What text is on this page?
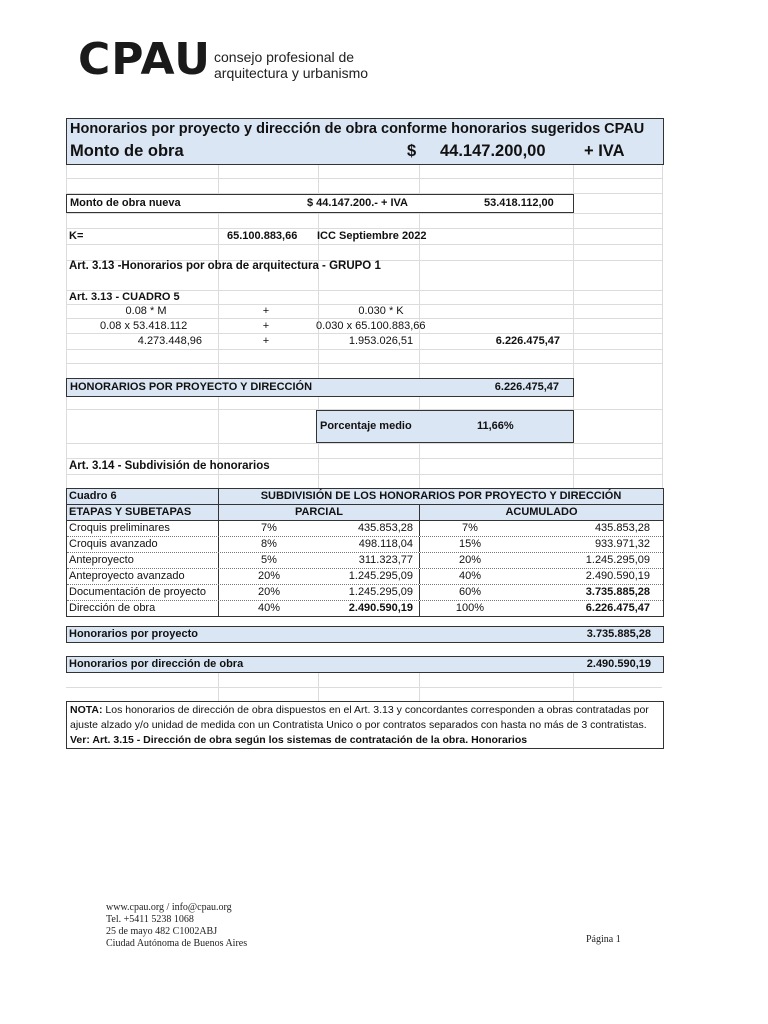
CPAU consejo profesional de
arquitectura y urbanismo
Honorarios por proyecto y dirección de obra conforme honorarios sugeridos CPAU
Monto de obra	$ 44.147.200,00 + IVA
Monto de obra nueva	$ 44.147.200.- + IVA	53.418.112,00
K=	65.100.883,66 ICC Septiembre 2022
Art. 3.13 -Honorarios por obra de arquitectura - GRUPO 1
Art. 3.13 - CUADRO 5
0.08 * M	+	0.030 * K
0.08 x 53.418.112	+	0.030 x 65.100.883,66
4.273.448,96	+	1.953.026,51	6.226.475,47
HONORARIOS POR PROYECTO Y DIRECCIÓN	6.226.475,47
Porcentaje medio	11,66%
Art. 3.14 - Subdivisión de honorarios
Cuadro 6	SUBDIVISIÓN DE LOS HONORARIOS POR PROYECTO Y DIRECCIÓN
ETAPAS Y SUBETAPAS	PARCIAL	ACUMULADO
Croquis preliminares	7%	435.853,28	7%	435.853,28
Croquis avanzado	8%	498.118,04	15%	933.971,32
Anteproyecto	5%	311.323,77	20%	1.245.295,09
Anteproyecto avanzado	20%	1.245.295,09	40%	2.490.590,19
Documentación de proyecto	20%	1.245.295,09	60%	3.735.885,28
Dirección de obra	40%	2.490.590,19	100%	6.226.475,47
Honorarios por proyecto	3.735.885,28
Honorarios por dirección de obra	2.490.590,19
NOTA: Los honorarios de dirección de obra dispuestos en el Art. 3.13 y concordantes corresponden a obras contratadas por ajuste alzado y/o unidad de medida con un Contratista Unico o por contratos separados con hasta no más de 3 contratistas. Ver: Art. 3.15 - Dirección de obra según los sistemas de contratación de la obra. Honorarios
www.cpau.org / info@cpau.org
Tel. +5411 5238 1068
25 de mayo 482 C1002ABJ
Ciudad Autónoma de Buenos Aires	Página 1
